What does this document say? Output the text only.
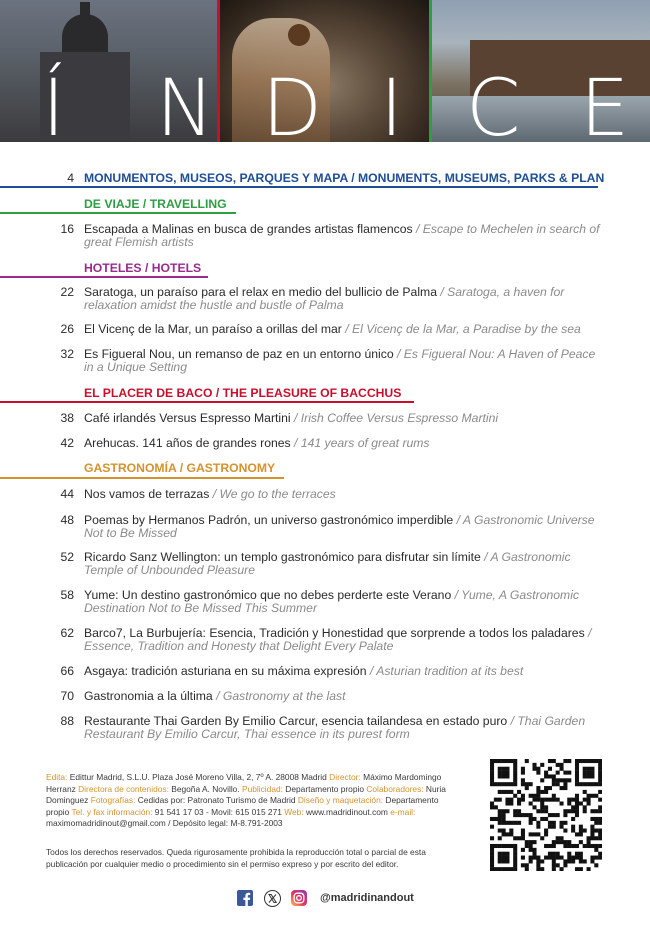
Í N D I C E
4 MONUMENTOS, MUSEOS, PARQUES Y MAPA / MONUMENTS, MUSEUMS, PARKS & PLAN
DE VIAJE / TRAVELLING
16 Escapada a Malinas en busca de grandes artistas flamencos / Escape to Mechelen in search of great Flemish artists
HOTELES / HOTELS
22 Saratoga, un paraíso para el relax en medio del bullicio de Palma / Saratoga, a haven for relaxation amidst the hustle and bustle of Palma
26 El Vicenç de la Mar, un paraíso a orillas del mar / El Vicenç de la Mar, a Paradise by the sea
32 Es Figueral Nou, un remanso de paz en un entorno único / Es Figueral Nou: A Haven of Peace in a Unique Setting
EL PLACER DE BACO / THE PLEASURE OF BACCHUS
38 Café irlandés Versus Espresso Martini / Irish Coffee Versus Espresso Martini
42 Arehucas. 141 años de grandes rones / 141 years of great rums
GASTRONOMÍA / GASTRONOMY
44 Nos vamos de terrazas / We go to the terraces
48 Poemas by Hermanos Padrón, un universo gastronómico imperdible / A Gastronomic Universe Not to Be Missed
52 Ricardo Sanz Wellington: un templo gastronómico para disfrutar sin límite / A Gastronomic Temple of Unbounded Pleasure
58 Yume: Un destino gastronómico que no debes perderte este Verano / Yume, A Gastronomic Destination Not to Be Missed This Summer
62 Barco7, La Burbujería: Esencia, Tradición y Honestidad que sorprende a todos los paladares / Essence, Tradition and Honesty that Delight Every Palate
66 Asgaya: tradición asturiana en su máxima expresión / Asturian tradition at its best
70 Gastronomia a la última / Gastronomy at the last
88 Restaurante Thai Garden By Emilio Carcur, esencia tailandesa en estado puro / Thai Garden Restaurant By Emilio Carcur, Thai essence in its purest form
Edita: Edittur Madrid, S.L.U. Plaza José Moreno Villa, 2, 7º A. 28008 Madrid Director: Máximo Mardomingo Herranz Directora de contenidos: Begoña A. Novillo. Publicidad: Departamento propio Colaboradores: Nuria Dominguez Fotografías: Cedidas por: Patronato Turismo de Madrid Diseño y maquetación: Departamento propio Tel. y fax información: 91 541 17 03 - Movil: 615 015 271 Web: www.madridinout.com e-mail: maximomadridinout@gmail.com / Depósito legal: M-8.791-2003
Todos los derechos reservados. Queda rigurosamente prohibida la reproducción total o parcial de esta publicación por cualquier medio o procedimiento sin el permiso expreso y por escrito del editor.
@madridinandout
